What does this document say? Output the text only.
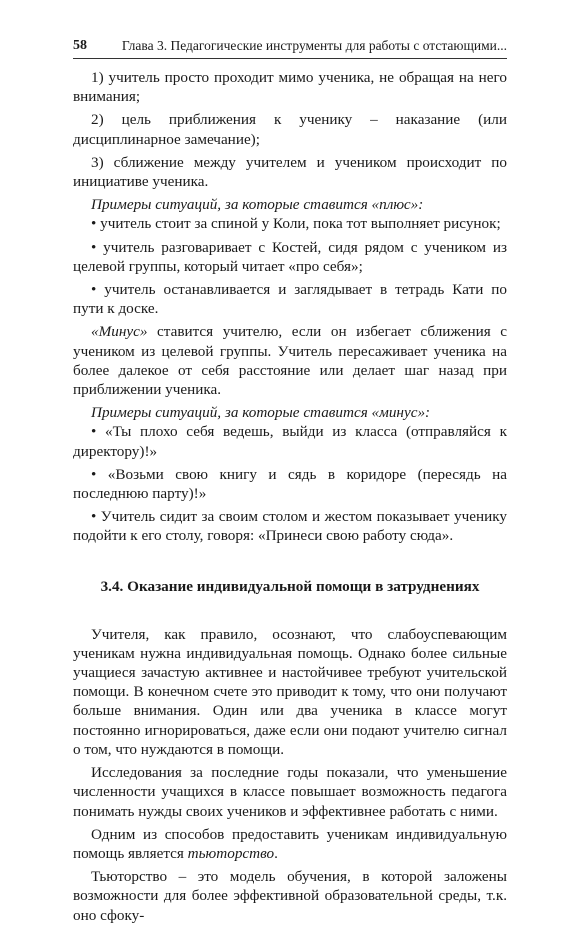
58	Глава 3. Педагогические инструменты для работы с отстающими...

1) учитель просто проходит мимо ученика, не обращая на него внимания;

2) цель приближения к ученику – наказание (или дисциплинарное замечание);

3) сближение между учителем и учеником происходит по инициативе ученика.

Примеры ситуаций, за которые ставится «плюс»:

• учитель стоит за спиной у Коли, пока тот выполняет рисунок;

• учитель разговаривает с Костей, сидя рядом с учеником из целевой группы, который читает «про себя»;

• учитель останавливается и заглядывает в тетрадь Кати по пути к доске.

«Минус» ставится учителю, если он избегает сближения с учеником из целевой группы. Учитель пересаживает ученика на более далекое от себя расстояние или делает шаг назад при приближении ученика.

Примеры ситуаций, за которые ставится «минус»:

• «Ты плохо себя ведешь, выйди из класса (отправляйся к директору)!»

• «Возьми свою книгу и сядь в коридоре (пересядь на последнюю парту)!»

• Учитель сидит за своим столом и жестом показывает ученику подойти к его столу, говоря: «Принеси свою работу сюда».

3.4. Оказание индивидуальной помощи в затруднениях

Учителя, как правило, осознают, что слабоуспевающим ученикам нужна индивидуальная помощь. Однако более сильные учащиеся зачастую активнее и настойчивее требуют учительской помощи. В конечном счете это приводит к тому, что они получают больше внимания. Один или два ученика в классе могут постоянно игнорироваться, даже если они подают учителю сигнал о том, что нуждаются в помощи.

Исследования за последние годы показали, что уменьшение численности учащихся в классе повышает возможность педагога понимать нужды своих учеников и эффективнее работать с ними.

Одним из способов предоставить ученикам индивидуальную помощь является тьюторство.

Тьюторство – это модель обучения, в которой заложены возможности для более эффективной образовательной среды, т.к. оно сфоку-
